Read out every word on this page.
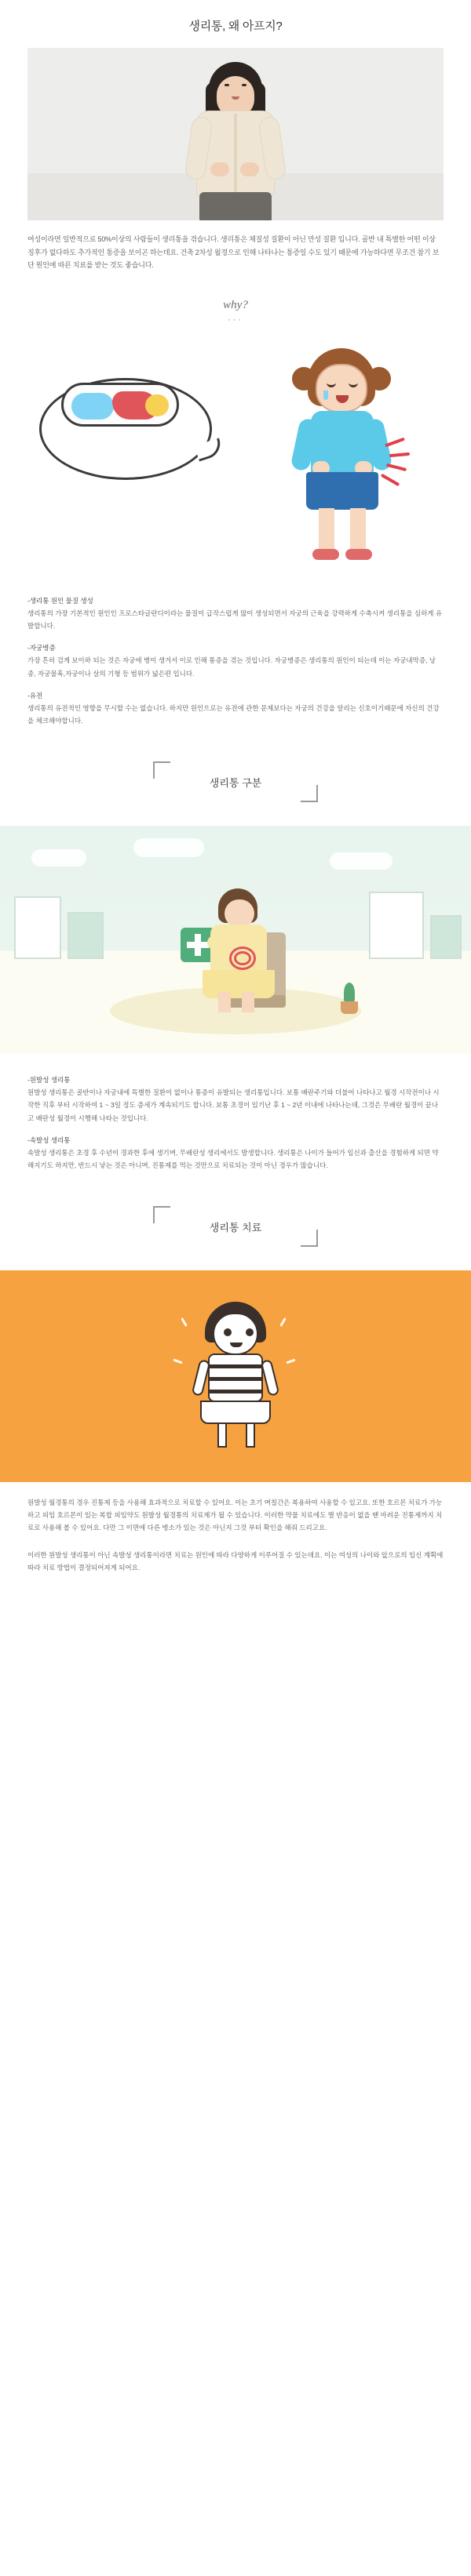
생리통, 왜 아프지?
여성이라면 일반적으로 50%이상의 사람들이 생리통을 겪습니다. 생리통은 체질성 질환이 아닌 만성 질환 입니다. 골반 내 특별한 어떤 이상 징후가 없다하도 추가적인 통증을 보이곤 하는데요. 건축 2차성 월경으로 인해 나타나는 통증일 수도 있기 때문에 가능하다면 무조건 참기 보단 원인에 따른 치료를 받는 것도 좋습니다.
why?
···
-생리통 원인 물질 생성
생리통의 가장 기본적인 원인인 프로스타글란디이라는 물질이 급작스럽게 많이 생성되면서 자궁의 근육을 강력하게 수축시켜 생리통을 심하게 유발합니다.
-자궁병증
가장 흔히 검게 보이하 되는 것은 자궁에 병이 생겨서 이로 인해 통증을 겪는 것입니다. 자궁병증은 생리통의 원인이 되는데 이는 자궁내막증, 낭종, 자궁물혹,자궁이나 살의 기형 등 범위가 넓은편 입니다.
-유전
생리통의 유전적인 영향을 무시할 수는 없습니다. 하지만 원인으로는 유전에 관한 문제보다는 자궁의 건강을 알리는 신호이기때문에 자신의 건강을 체크해야합니다.
생리통 구분
-원발성 생리통
원발성 생리통은 골반이나 자궁내에 특별한 질환이 없이나 통증이 유발되는 생리통입니다. 보통 배란주기와 더불어 나타나고 월경 시작전이나 시작한 직후 부터 시작하여 1 ~ 3일 정도 증세가 계속되기도 합니다. 보통 초경이 있기난 후 1 ~ 2년 이내에 나타나는데, 그것은 무배란 월경이 끝나고 배란성 월경이 시행해 나타는 것입니다.
-속발성 생리통
속발성 생리통은 초경 후 수년이 경과한 후에 생기며, 무배란성 생리에서도 발생합니다. 생리통은 나이가 들어가 임신과 출산을 경험하게 되면 약해지기도 하지만, 반드시 낳는 것은 아니며, 진통제를 먹는 것만으로 치료되는 것이 아닌 경우가 많습니다.
생리통 치료
원발성 월경통의 경우 진통제 등을 사용해 효과적으로 치료할 수 있어요. 이는 초기 며칠간은 복용하여 사용할 수 있고요. 또한 호르몬 치료가 가능하고 피임 호르몬이 있는 복합 피임약도 원발성 월경통의 치료제가 될 수 있습니다. 이러한 약물 치료에도 별 반응이 없을 땐 마려운 진통제까지 치료로 사용해 볼 수 있어요. 다만 그 이면에 다른 병소가 있는 것은 아닌지 그것 부터 확인을 해줘 드리고요.
이러한 원발성 생리통이 아닌 속발성 생리통이라면 치료는 원인에 따라 다양하게 이루어질 수 있는데요. 이는 여성의 나이와 앞으로의 임신 계획에 따라 치료 방법이 결정되어져게 되어요.
